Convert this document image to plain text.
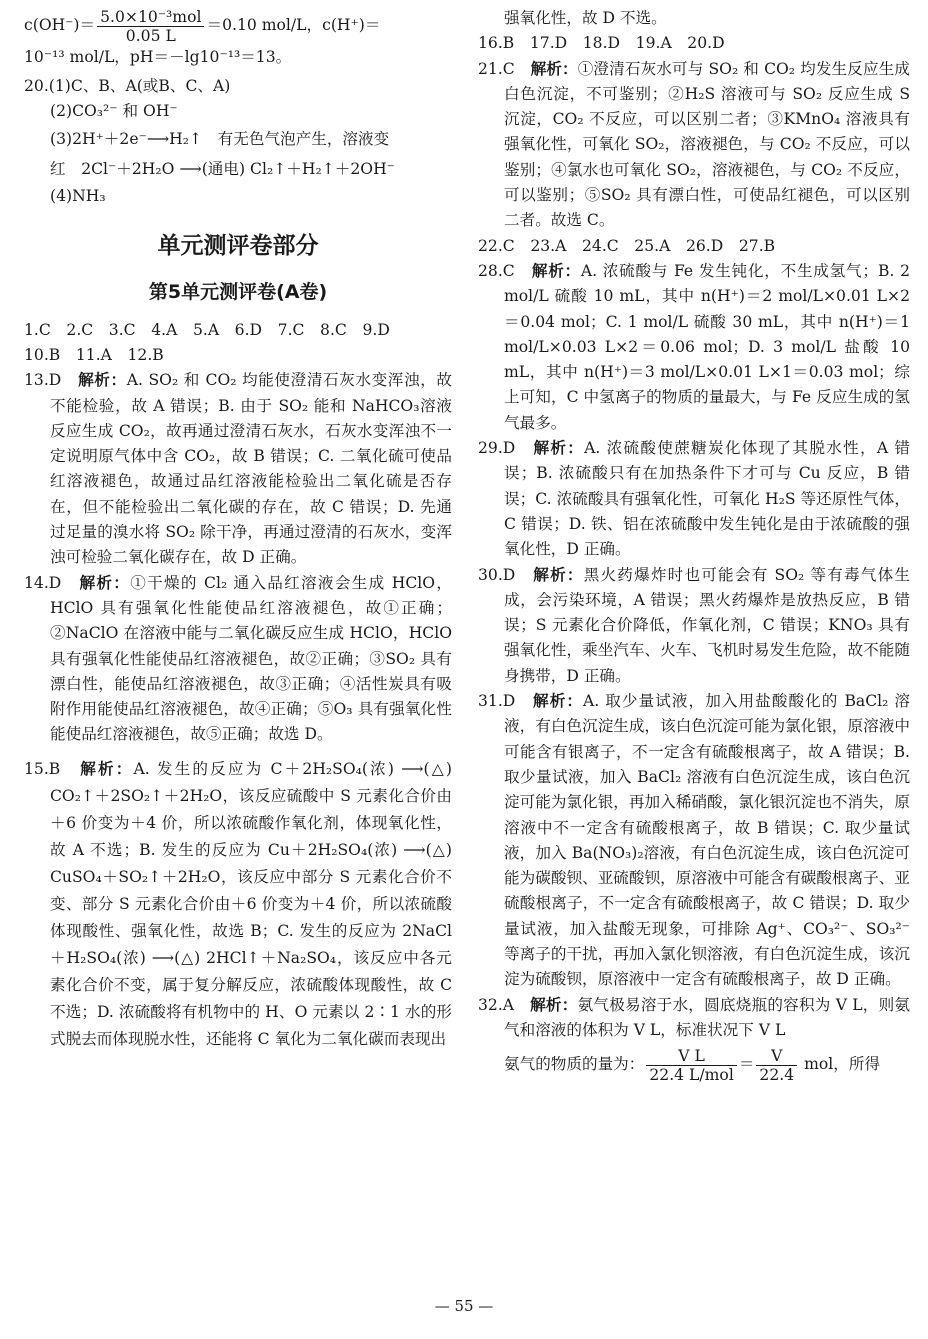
$c(OH^-)= \frac{\text{5.0×10⁻³mol}}{0.05 L} =0.10$ mol/L，c(H⁺)＝

10⁻¹³ mol/L，pH＝－lg10⁻¹³＝13。

20.(1)C、B、A(或B、C、A)

(2)CO₃²⁻ 和 OH⁻

(3)2H⁺＋2e⁻⟶H₂↑　有无色气泡产生，溶液变

红　2Cl⁻＋2H₂O ⟶(通电) Cl₂↑＋H₂↑＋2OH⁻

(4)NH₃

单元测评卷部分
第5单元测评卷(A卷)

1.C　2.C　3.C　4.A　5.A　6.D　7.C　8.C　9.D

10.B　11.A　12.B

13.D　解析：A. SO₂ 和 CO₂ 均能使澄清石灰水变浑浊，故不能检验，故 A 错误；B. 由于 SO₂ 能和 NaHCO₃溶液反应生成 CO₂，故再通过澄清石灰水，石灰水变浑浊不一定说明原气体中含 CO₂，故 B 错误；C. 二氧化硫可使品红溶液褪色，故通过品红溶液能检验出二氧化硫是否存在，但不能检验出二氧化碳的存在，故 C 错误；D. 先通过足量的溴水将 SO₂ 除干净，再通过澄清的石灰水，变浑浊可检验二氧化碳存在，故 D 正确。

14.D　解析：①干燥的 Cl₂ 通入品红溶液会生成 HClO，HClO 具有强氧化性能使品红溶液褪色，故①正确；②NaClO 在溶液中能与二氧化碳反应生成 HClO，HClO 具有强氧化性能使品红溶液褪色，故②正确；③SO₂ 具有漂白性，能使品红溶液褪色，故③正确；④活性炭具有吸附作用能使品红溶液褪色，故④正确；⑤O₃ 具有强氧化性能使品红溶液褪色，故⑤正确；故选 D。

15.B　解析：A. 发生的反应为 C＋2H₂SO₄(浓) ⟶(△) CO₂↑＋2SO₂↑＋2H₂O，该反应硫酸中 S 元素化合价由＋6 价变为＋4 价，所以浓硫酸作氧化剂，体现氧化性，故 A 不选；B. 发生的反应为 Cu＋2H₂SO₄(浓) ⟶(△) CuSO₄＋SO₂↑＋2H₂O，该反应中部分 S 元素化合价不变、部分 S 元素化合价由＋6 价变为＋4 价，所以浓硫酸体现酸性、强氧化性，故选 B；C. 发生的反应为 2NaCl＋H₂SO₄(浓) ⟶(△) 2HCl↑＋Na₂SO₄，该反应中各元素化合价不变，属于复分解反应，浓硫酸体现酸性，故 C 不选；D. 浓硫酸将有机物中的 H、O 元素以 2∶1 水的形式脱去而体现脱水性，还能将 C 氧化为二氧化碳而表现出

强氧化性，故 D 不选。

16.B　17.D　18.D　19.A　20.D

21.C　解析：①澄清石灰水可与 SO₂ 和 CO₂ 均发生反应生成白色沉淀，不可鉴别；②H₂S 溶液可与 SO₂ 反应生成 S 沉淀，CO₂ 不反应，可以区别二者；③KMnO₄ 溶液具有强氧化性，可氧化 SO₂，溶液褪色，与 CO₂ 不反应，可以鉴别；④氯水也可氧化 SO₂，溶液褪色，与 CO₂ 不反应，可以鉴别；⑤SO₂ 具有漂白性，可使品红褪色，可以区别二者。故选 C。

22.C　23.A　24.C　25.A　26.D　27.B

28.C　解析：A. 浓硫酸与 Fe 发生钝化，不生成氢气；B. 2 mol/L 硫酸 10 mL，其中 n(H⁺)＝2 mol/L×0.01 L×2＝0.04 mol；C. 1 mol/L 硫酸 30 mL，其中 n(H⁺)＝1 mol/L×0.03 L×2＝0.06 mol；D. 3 mol/L 盐酸 10 mL，其中 n(H⁺)＝3 mol/L×0.01 L×1＝0.03 mol；综上可知，C 中氢离子的物质的量最大，与 Fe 反应生成的氢气最多。

29.D　解析：A. 浓硫酸使蔗糖炭化体现了其脱水性，A 错误；B. 浓硫酸只有在加热条件下才可与 Cu 反应，B 错误；C. 浓硫酸具有强氧化性，可氧化 H₂S 等还原性气体，C 错误；D. 铁、铝在浓硫酸中发生钝化是由于浓硫酸的强氧化性，D 正确。

30.D　解析：黑火药爆炸时也可能会有 SO₂ 等有毒气体生成，会污染环境，A 错误；黑火药爆炸是放热反应，B 错误；S 元素化合价降低，作氧化剂，C 错误；KNO₃ 具有强氧化性，乘坐汽车、火车、飞机时易发生危险，故不能随身携带，D 正确。

31.D　解析：A. 取少量试液，加入用盐酸酸化的 BaCl₂ 溶液，有白色沉淀生成，该白色沉淀可能为氯化银，原溶液中可能含有银离子，不一定含有硫酸根离子，故 A 错误；B. 取少量试液，加入 BaCl₂ 溶液有白色沉淀生成，该白色沉淀可能为氯化银，再加入稀硝酸，氯化银沉淀也不消失，原溶液中不一定含有硫酸根离子，故 B 错误；C. 取少量试液，加入 Ba(NO₃)₂溶液，有白色沉淀生成，该白色沉淀可能为碳酸钡、亚硫酸钡，原溶液中可能含有碳酸根离子、亚硫酸根离子，不一定含有硫酸根离子，故 C 错误；D. 取少量试液，加入盐酸无现象，可排除 Ag⁺、CO₃²⁻、SO₃²⁻ 等离子的干扰，再加入氯化钡溶液，有白色沉淀生成，该沉淀为硫酸钡，原溶液中一定含有硫酸根离子，故 D 正确。

32.A　解析：氨气极易溶于水，圆底烧瓶的容积为 V L，则氨气和溶液的体积为 V L，标准状况下 V L

氨气的物质的量为： $\frac{\text{V L}}{\text{22.4 L/mol}} = \frac{V}{22.4}$ mol，所得

— 55 —
